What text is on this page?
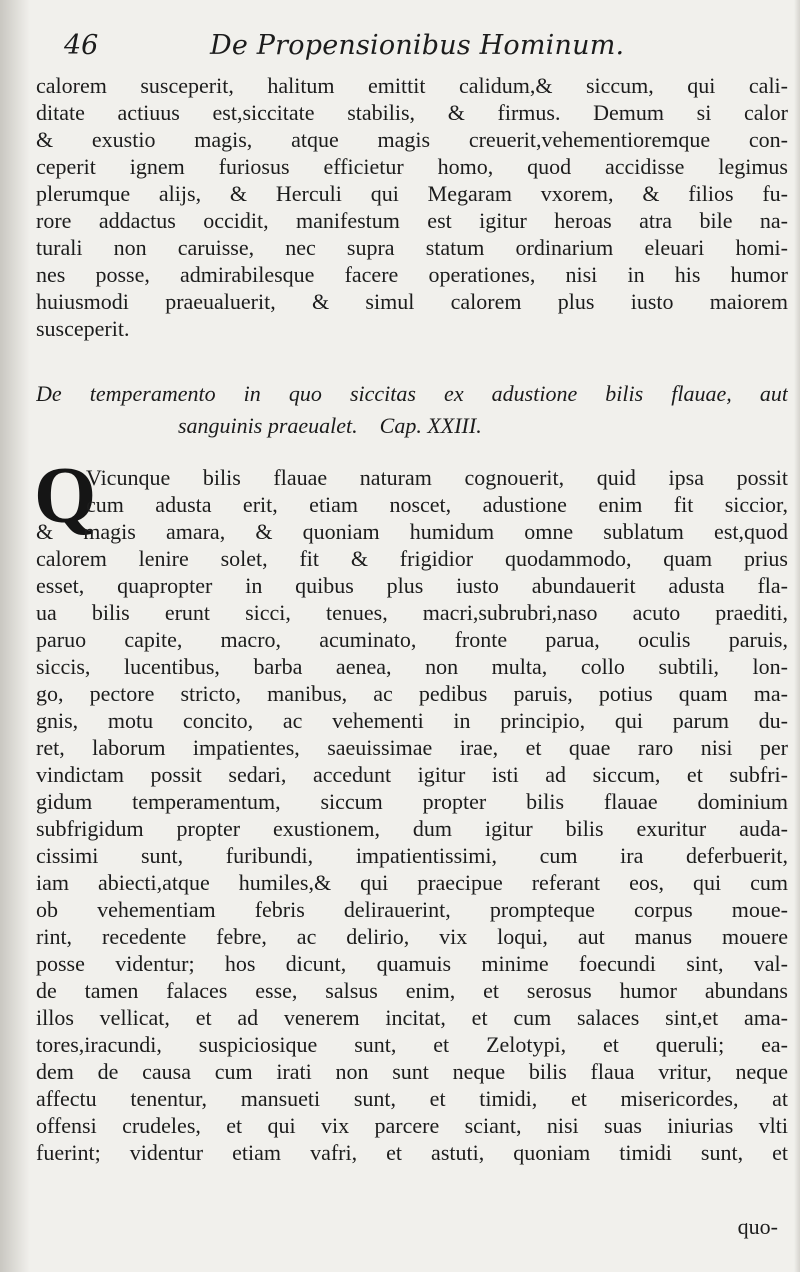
46	De Propensionibus Hominum.
calorem susceperit, halitum emittit calidum,& siccum, qui cali-
ditate actiuus est,siccitate stabilis, & firmus. Demum si calor
& exustio magis, atque magis creuerit,vehementioremque con-
ceperit ignem furiosus efficietur homo, quod accidisse legimus
plerumque alijs, & Herculi qui Megaram vxorem, & filios fu-
rore addactus occidit, manifestum est igitur heroas atra bile na-
turali non caruisse, nec supra statum ordinarium eleuari homi-
nes posse, admirabilesque facere operationes, nisi in his humor
huiusmodi praeualuerit, & simul calorem plus iusto maiorem
susceperit.
De temperamento in quo siccitas ex adustione bilis flauae, aut
sanguinis praeualet. Cap. XXIII.
Q
Vicunque bilis flauae naturam cognouerit, quid ipsa possit
cum adusta erit, etiam noscet, adustione enim fit siccior,
& magis amara, & quoniam humidum omne sublatum est,quod
calorem lenire solet, fit & frigidior quodammodo, quam prius
esset, quapropter in quibus plus iusto abundauerit adusta fla-
ua bilis erunt sicci, tenues, macri,subrubri,naso acuto praediti,
paruo capite, macro, acuminato, fronte parua, oculis paruis,
siccis, lucentibus, barba aenea, non multa, collo subtili, lon-
go, pectore stricto, manibus, ac pedibus paruis, potius quam ma-
gnis, motu concito, ac vehementi in principio, qui parum du-
ret, laborum impatientes, saeuissimae irae, et quae raro nisi per
vindictam possit sedari, accedunt igitur isti ad siccum, et subfri-
gidum temperamentum, siccum propter bilis flauae dominium
subfrigidum propter exustionem, dum igitur bilis exuritur auda-
cissimi sunt, furibundi, impatientissimi, cum ira deferbuerit,
iam abiecti,atque humiles,& qui praecipue referant eos, qui cum
ob vehementiam febris delirauerint, prompteque corpus moue-
rint, recedente febre, ac delirio, vix loqui, aut manus mouere
posse videntur; hos dicunt, quamuis minime foecundi sint, val-
de tamen falaces esse, salsus enim, et serosus humor abundans
illos vellicat, et ad venerem incitat, et cum salaces sint,et ama-
tores,iracundi, suspiciosique sunt, et Zelotypi, et queruli; ea-
dem de causa cum irati non sunt neque bilis flaua vritur, neque
affectu tenentur, mansueti sunt, et timidi, et misericordes, at
offensi crudeles, et qui vix parcere sciant, nisi suas iniurias vlti
fuerint; videntur etiam vafri, et astuti, quoniam timidi sunt, et
quo-
